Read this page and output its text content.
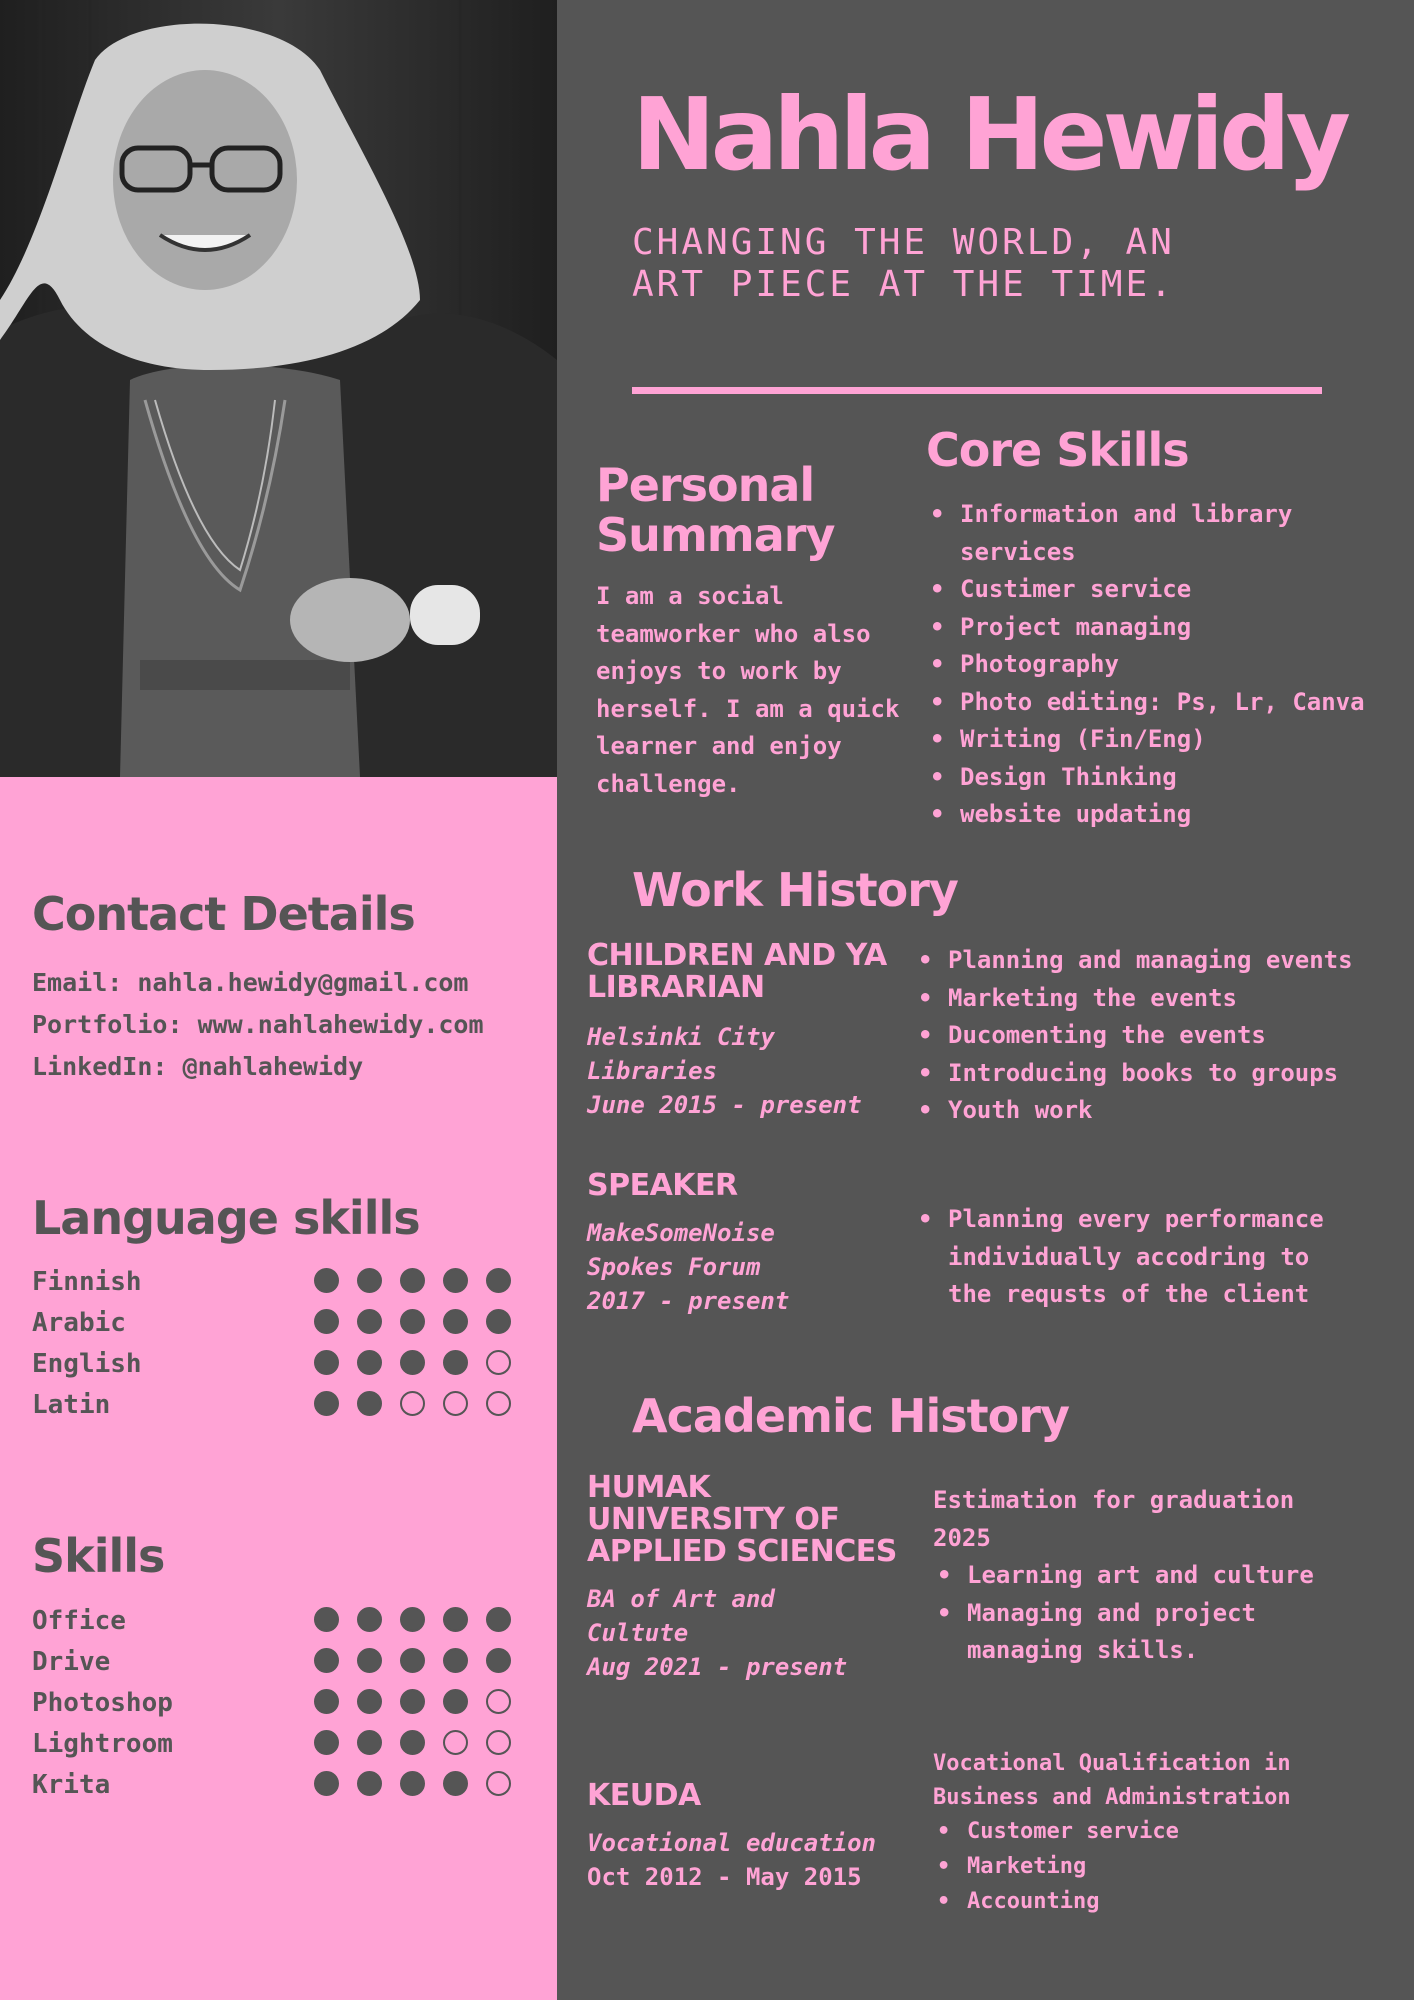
Nahla Hewidy
CHANGING THE WORLD, AN
ART PIECE AT THE TIME.
Personal
Summary
I am a social
teamworker who also
enjoys to work by
herself. I am a quick
learner and enjoy
challenge.
Core Skills
• Information and library services
• Custimer service
• Project managing
• Photography
• Photo editing: Ps, Lr, Canva
• Writing (Fin/Eng)
• Design Thinking
• website updating
Work History
CHILDREN AND YA
LIBRARIAN
Helsinki City
Libraries
June 2015 - present
• Planning and managing events
• Marketing the events
• Ducomenting the events
• Introducing books to groups
• Youth work
SPEAKER
MakeSomeNoise
Spokes Forum
2017 - present
• Planning every performance individually accodring to the requsts of the client
Academic History
HUMAK
UNIVERSITY OF
APPLIED SCIENCES
BA of Art and
Cultute
Aug 2021 - present
Estimation for graduation
2025
• Learning art and culture
• Managing and project managing skills.
KEUDA
Vocational education
Oct 2012 - May 2015
Vocational Qualification in
Business and Administration
• Customer service
• Marketing
• Accounting
Contact Details
Email: nahla.hewidy@gmail.com
Portfolio: www.nahlahewidy.com
LinkedIn: @nahlahewidy
Language skills
Finnish
Arabic
English
Latin
Skills
Office
Drive
Photoshop
Lightroom
Krita
